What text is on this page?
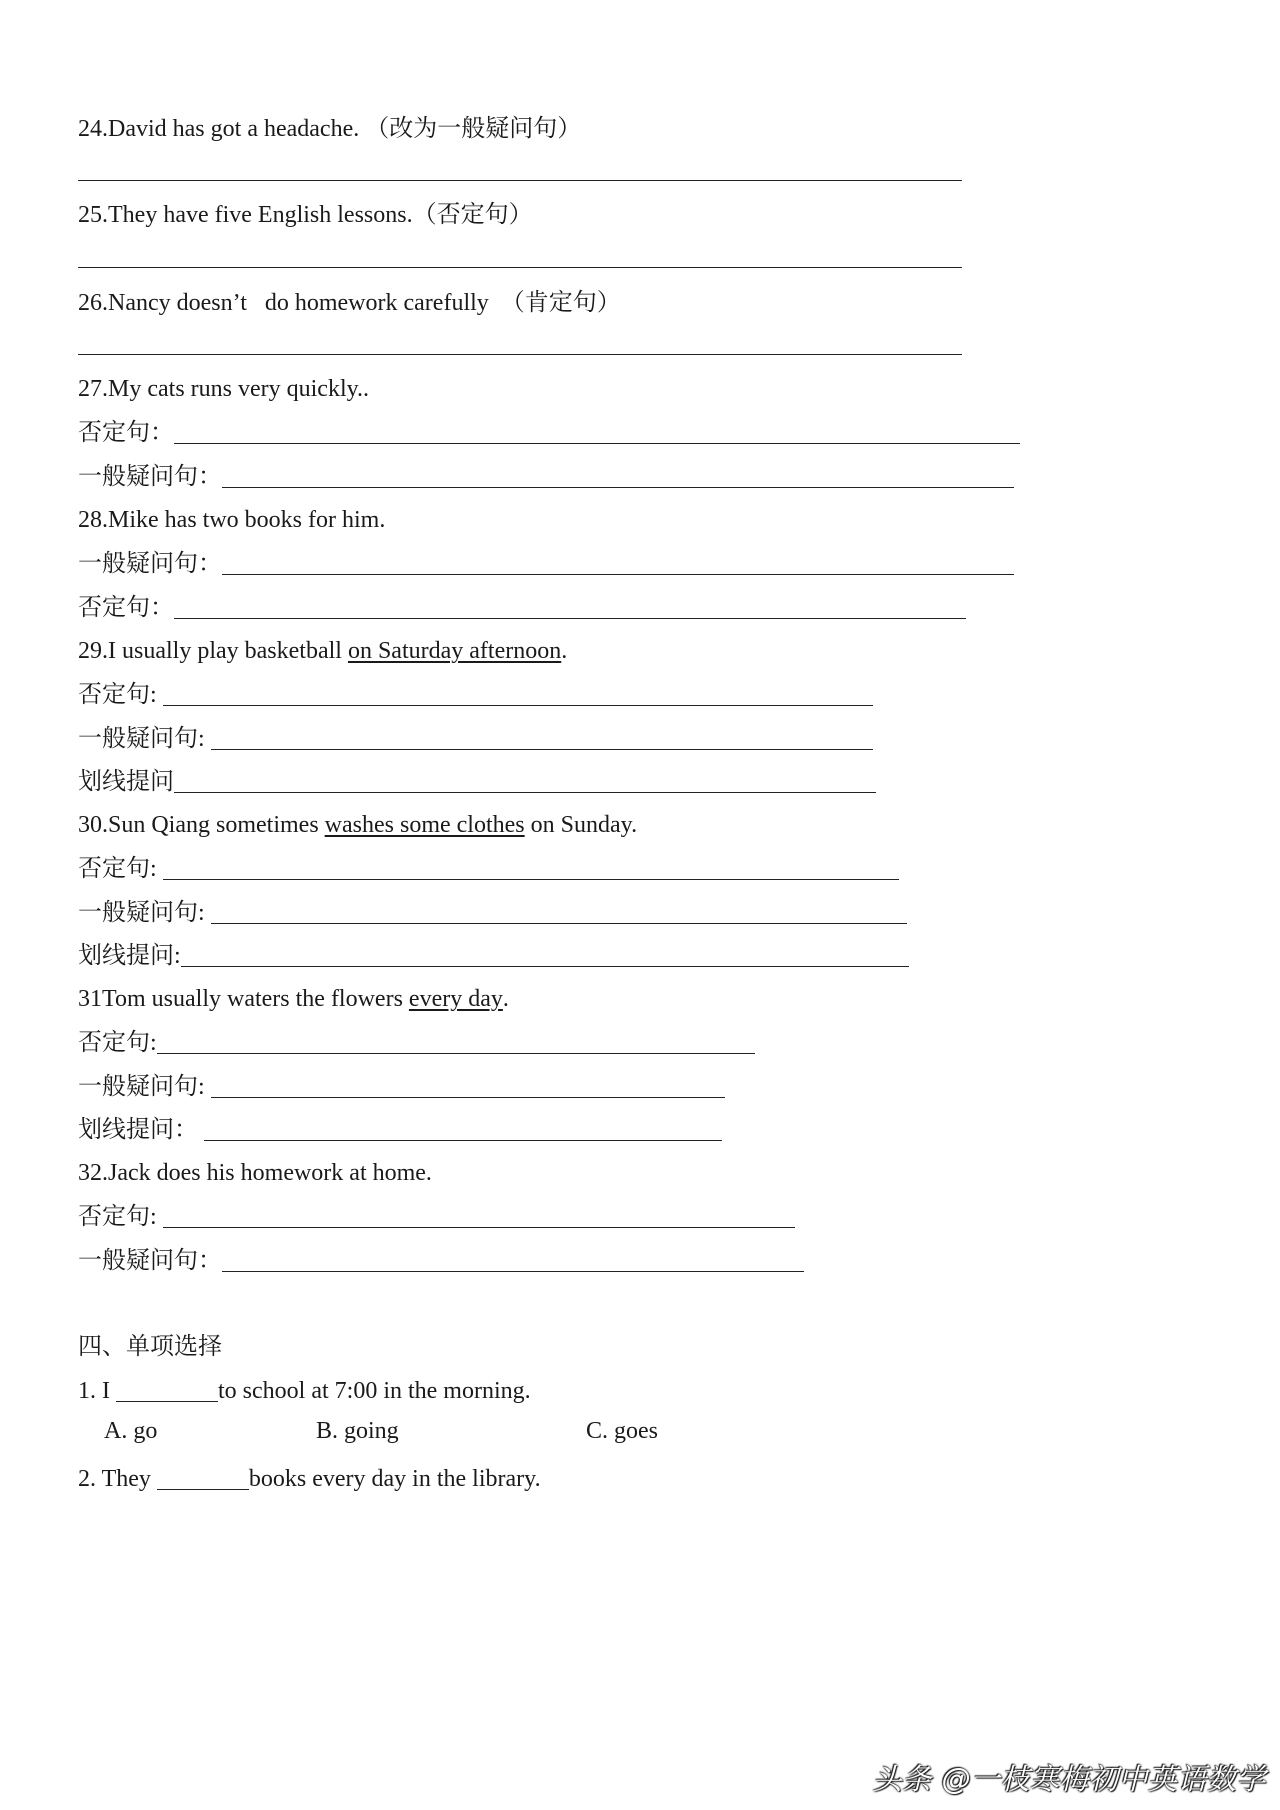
24.David has got a headache. （改为一般疑问句）
25.They have five English lessons.（否定句）
26.Nancy doesn’t   do homework carefully  （肯定句）
27.My cats runs very quickly..
否定句：
一般疑问句：
28.Mike has two books for him.
一般疑问句：
否定句：
29.I usually play basketball on Saturday afternoon .
否定句:
一般疑问句:
划线提问
30.Sun Qiang sometimes washes some clothes on Sunday.
否定句:
一般疑问句:
划线提问:
31Tom usually waters the flowers every day .
否定句:
一般疑问句:
划线提问：
32.Jack does his homework at home.
否定句:
一般疑问句：
四、单项选择
1. I	to school at 7:00 in the morning.
A. go	B. going	C. goes
2. They	books every day in the library.
头条 @一枝寒梅初中英语数学
